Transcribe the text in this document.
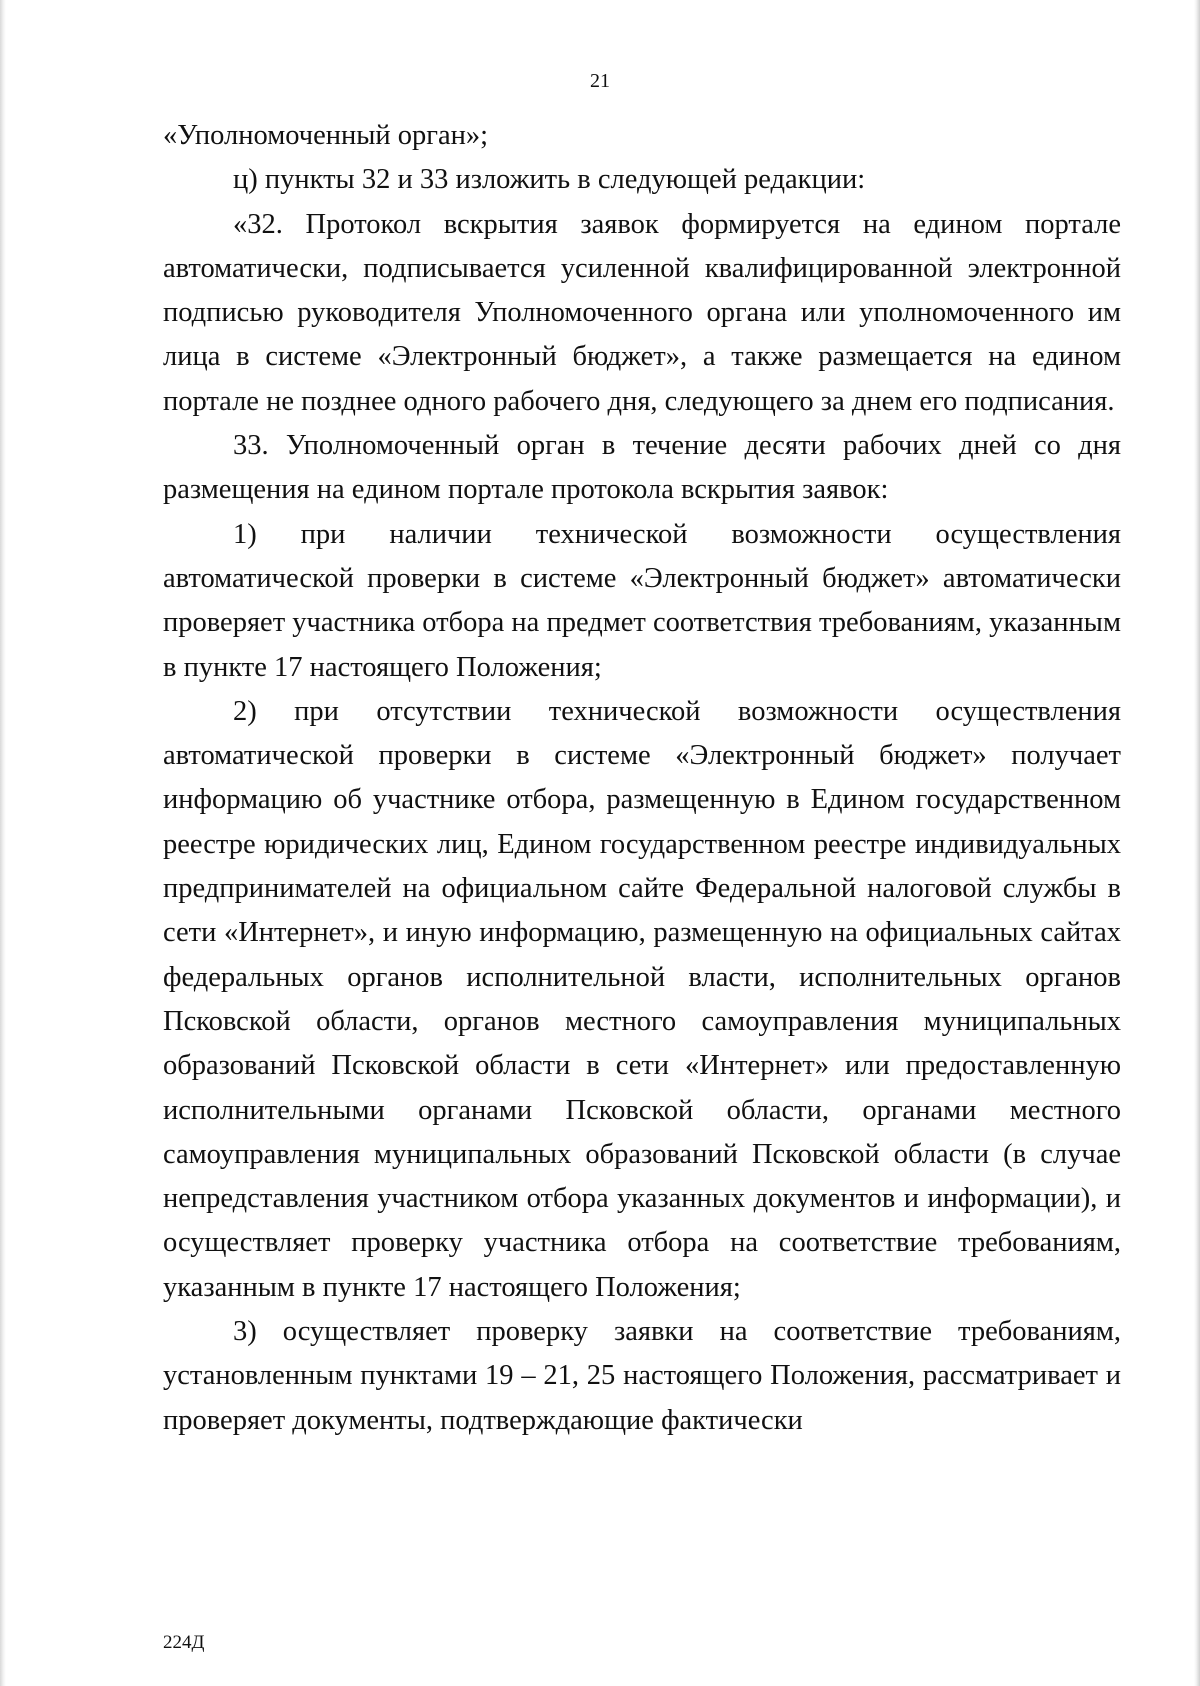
21

«Уполномоченный орган»;

ц) пункты 32 и 33 изложить в следующей редакции:

«32. Протокол вскрытия заявок формируется на едином портале автоматически, подписывается усиленной квалифицированной электронной подписью руководителя Уполномоченного органа или уполномоченного им лица в системе «Электронный бюджет», а также размещается на едином портале не позднее одного рабочего дня, следующего за днем его подписания.

33. Уполномоченный орган в течение десяти рабочих дней со дня размещения на едином портале протокола вскрытия заявок:

1) при наличии технической возможности осуществления автоматической проверки в системе «Электронный бюджет» автоматически проверяет участника отбора на предмет соответствия требованиям, указанным в пункте 17 настоящего Положения;

2) при отсутствии технической возможности осуществления автоматической проверки в системе «Электронный бюджет» получает информацию об участнике отбора, размещенную в Едином государственном реестре юридических лиц, Едином государственном реестре индивидуальных предпринимателей на официальном сайте Федеральной налоговой службы в сети «Интернет», и иную информацию, размещенную на официальных сайтах федеральных органов исполнительной власти, исполнительных органов Псковской области, органов местного самоуправления муниципальных образований Псковской области в сети «Интернет» или предоставленную исполнительными органами Псковской области, органами местного самоуправления муниципальных образований Псковской области (в случае непредставления участником отбора указанных документов и информации), и осуществляет проверку участника отбора на соответствие требованиям, указанным в пункте 17 настоящего Положения;

3) осуществляет проверку заявки на соответствие требованиям, установленным пунктами 19 – 21, 25 настоящего Положения, рассматривает и проверяет документы, подтверждающие фактически

224Д
